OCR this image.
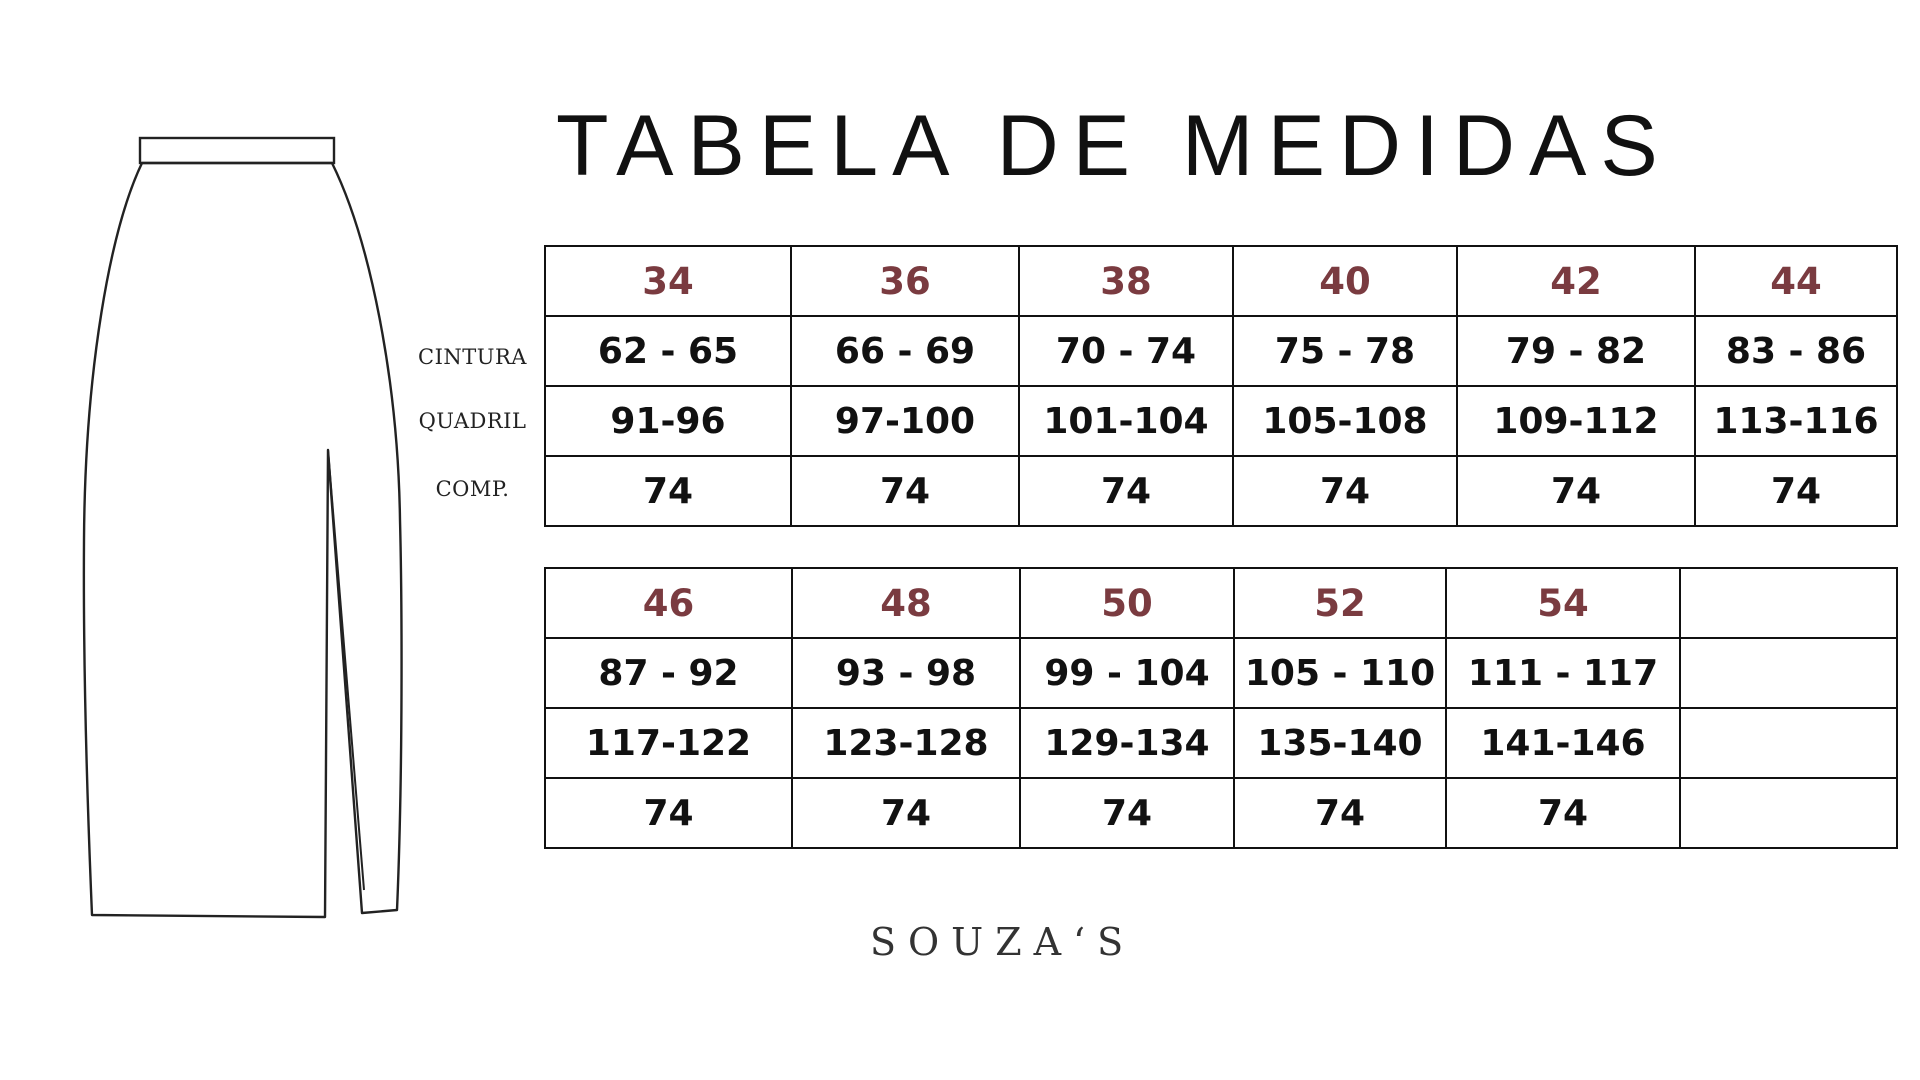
TABELA DE MEDIDAS
CINTURA
QUADRIL
COMP.
34	36	38	40	42	44
62 - 65	66 - 69	70 - 74	75 - 78	79 - 82	83 - 86
91-96	97-100	101-104	105-108	109-112	113-116
74	74	74	74	74	74
46	48	50	52	54	
87 - 92	93 - 98	99 - 104	105 - 110	111 - 117	
117-122	123-128	129-134	135-140	141-146	
74	74	74	74	74	
SOUZA‘S
